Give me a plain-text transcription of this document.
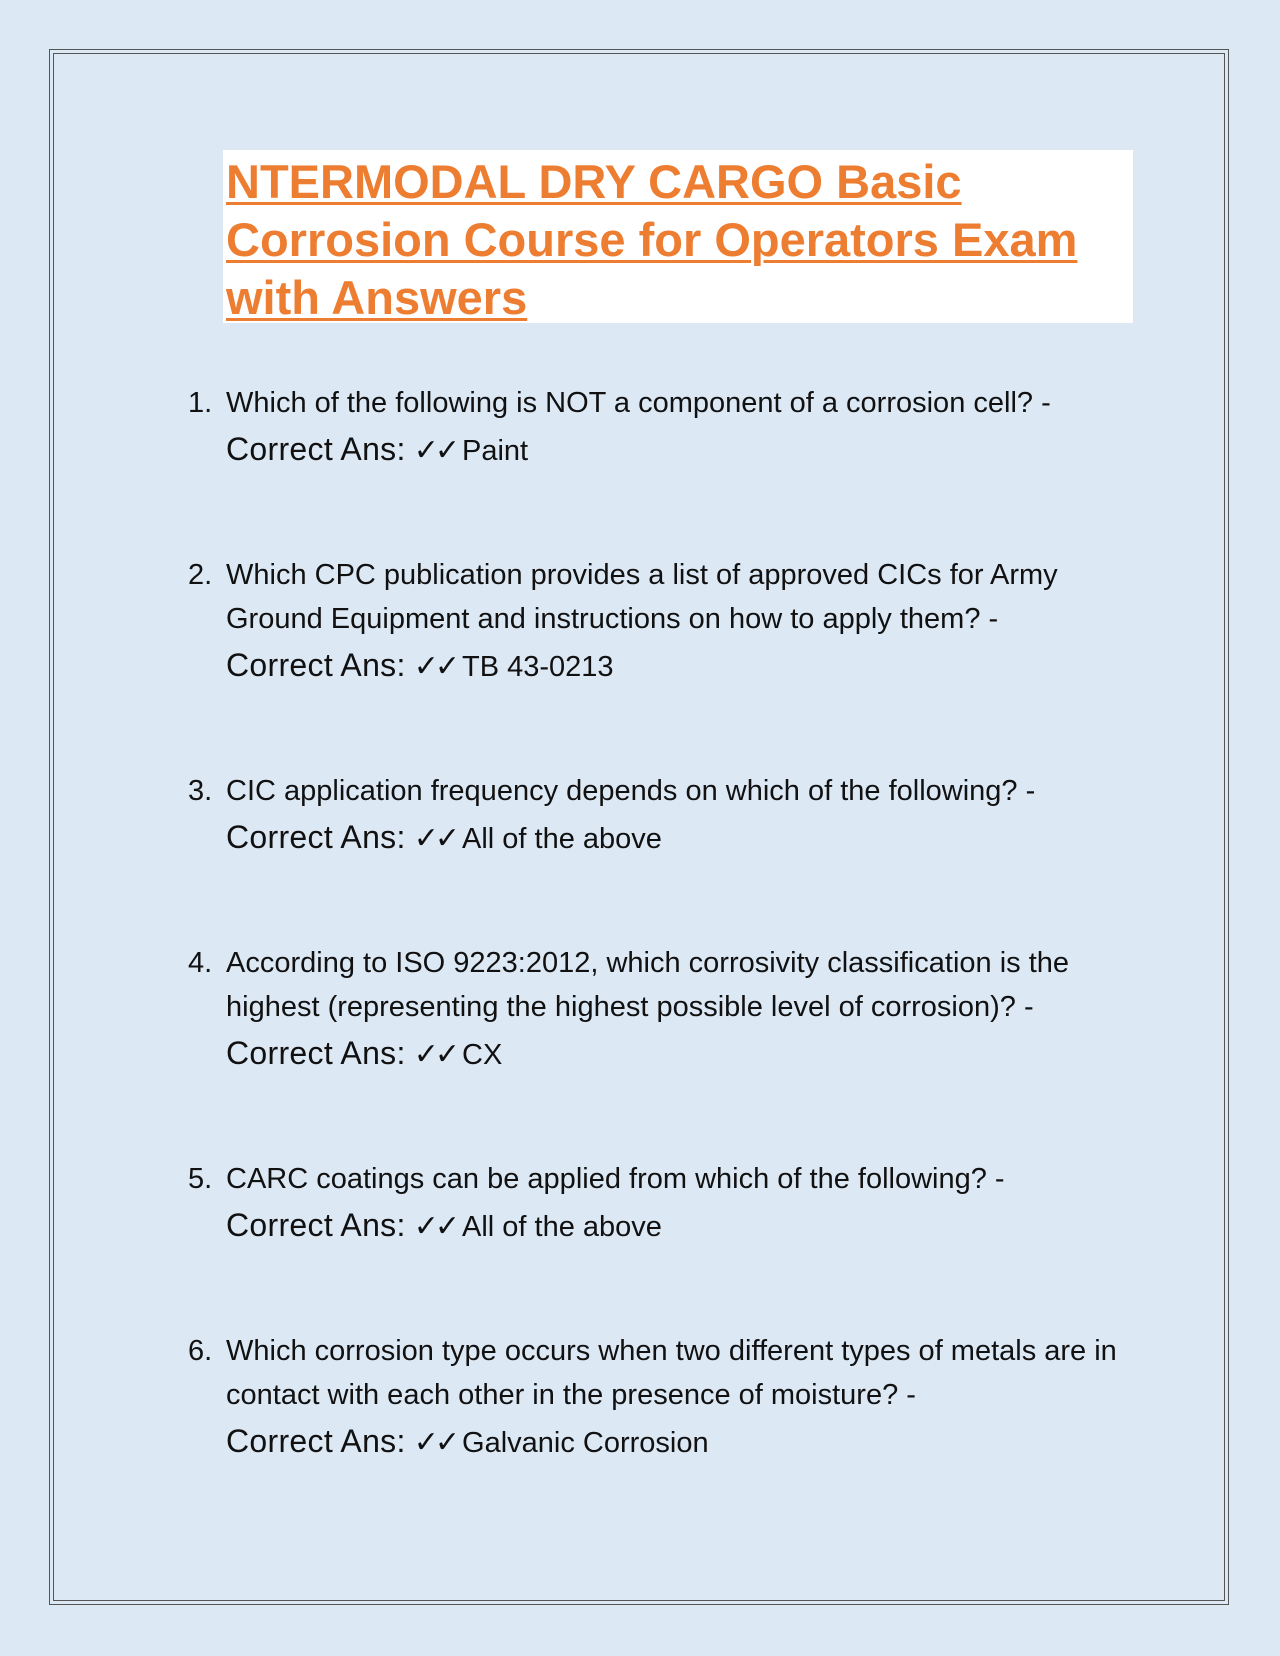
NTERMODAL DRY CARGO Basic Corrosion Course for Operators Exam with Answers
1. Which of the following is NOT a component of a corrosion cell? -
Correct Ans: ✓✓ Paint
2. Which CPC publication provides a list of approved CICs for Army Ground Equipment and instructions on how to apply them? -
Correct Ans: ✓✓ TB 43-0213
3. CIC application frequency depends on which of the following? -
Correct Ans: ✓✓ All of the above
4. According to ISO 9223:2012, which corrosivity classification is the highest (representing the highest possible level of corrosion)? -
Correct Ans: ✓✓ CX
5. CARC coatings can be applied from which of the following? -
Correct Ans: ✓✓ All of the above
6. Which corrosion type occurs when two different types of metals are in contact with each other in the presence of moisture? -
Correct Ans: ✓✓ Galvanic Corrosion
